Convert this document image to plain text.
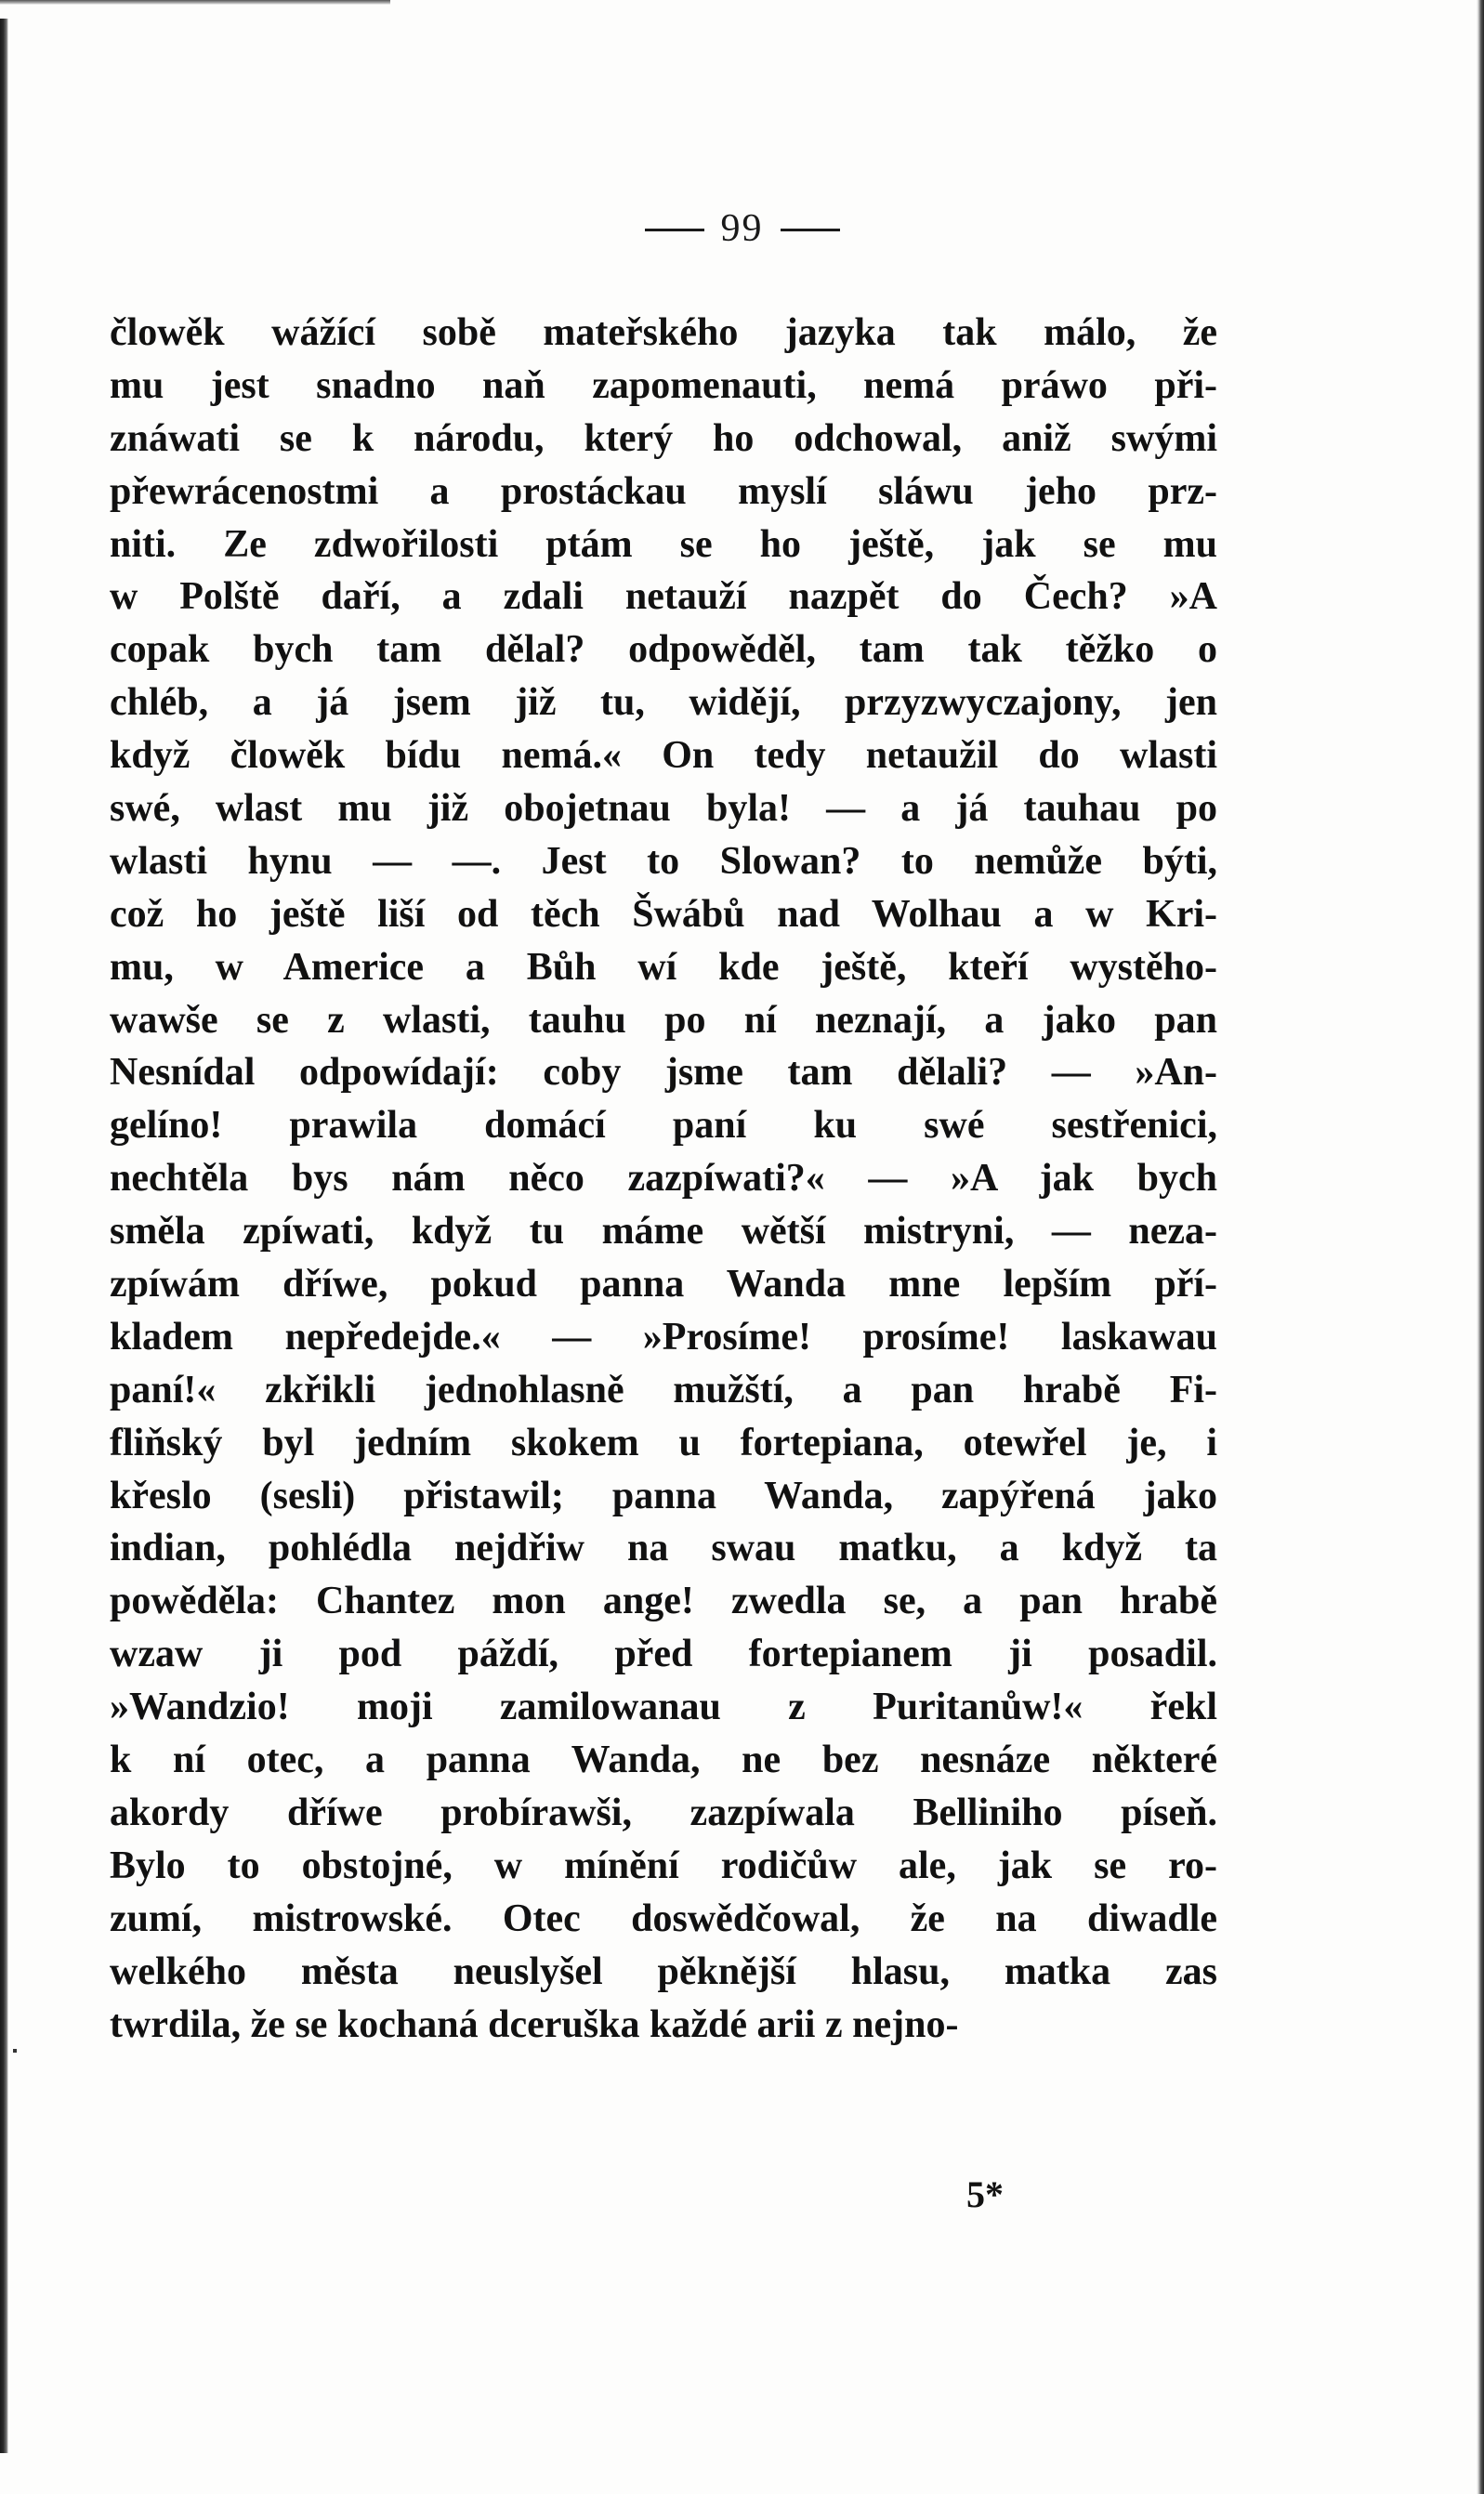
99
člowěk wážící sobě mateřského jazyka tak málo, že
mu jest snadno naň zapomenauti, nemá práwo při-
znáwati se k národu, který ho odchowal, aniž swými
přewrácenostmi a prostáckau myslí sláwu jeho prz-
niti. Ze zdwořilosti ptám se ho ještě, jak se mu
w Polště daří, a zdali netauží nazpět do Čech? »A
copak bych tam dělal? odpowěděl, tam tak těžko o
chléb, a já jsem již tu, widějí, przyzwyczajony, jen
když člowěk bídu nemá.« On tedy netaužil do wlasti
swé, wlast mu již obojetnau byla! — a já tauhau po
wlasti hynu — —. Jest to Slowan? to nemůže býti,
což ho ještě liší od těch Šwábů nad Wolhau a w Kri-
mu, w Americe a Bůh wí kde ještě, kteří wystěho-
wawše se z wlasti, tauhu po ní neznají, a jako pan
Nesnídal odpowídají: coby jsme tam dělali? — »An-
gelíno! prawila domácí paní ku swé sestřenici,
nechtěla bys nám něco zazpíwati?« — »A jak bych
směla zpíwati, když tu máme wětší mistryni, — neza-
zpíwám dříwe, pokud panna Wanda mne lepším pří-
kladem nepředejde.« — »Prosíme! prosíme! laskawau
paní!« zkřikli jednohlasně mužští, a pan hrabě Fi-
fliňský byl jedním skokem u fortepiana, otewřel je, i
křeslo (sesli) přistawil; panna Wanda, zapýřená jako
indian, pohlédla nejdřiw na swau matku, a když ta
powěděla: Chantez mon ange! zwedla se, a pan hrabě
wzaw ji pod páždí, před fortepianem ji posadil.
»Wandzio! moji zamilowanau z Puritanůw!« řekl
k ní otec, a panna Wanda, ne bez nesnáze některé
akordy dříwe probírawši, zazpíwala Belliniho píseň.
Bylo to obstojné, w mínění rodičůw ale, jak se ro-
zumí, mistrowské. Otec doswědčowal, že na diwadle
welkého města neuslyšel pěknější hlasu, matka zas
twrdila, že se kochaná dceruška každé arii z nejno-
5*
